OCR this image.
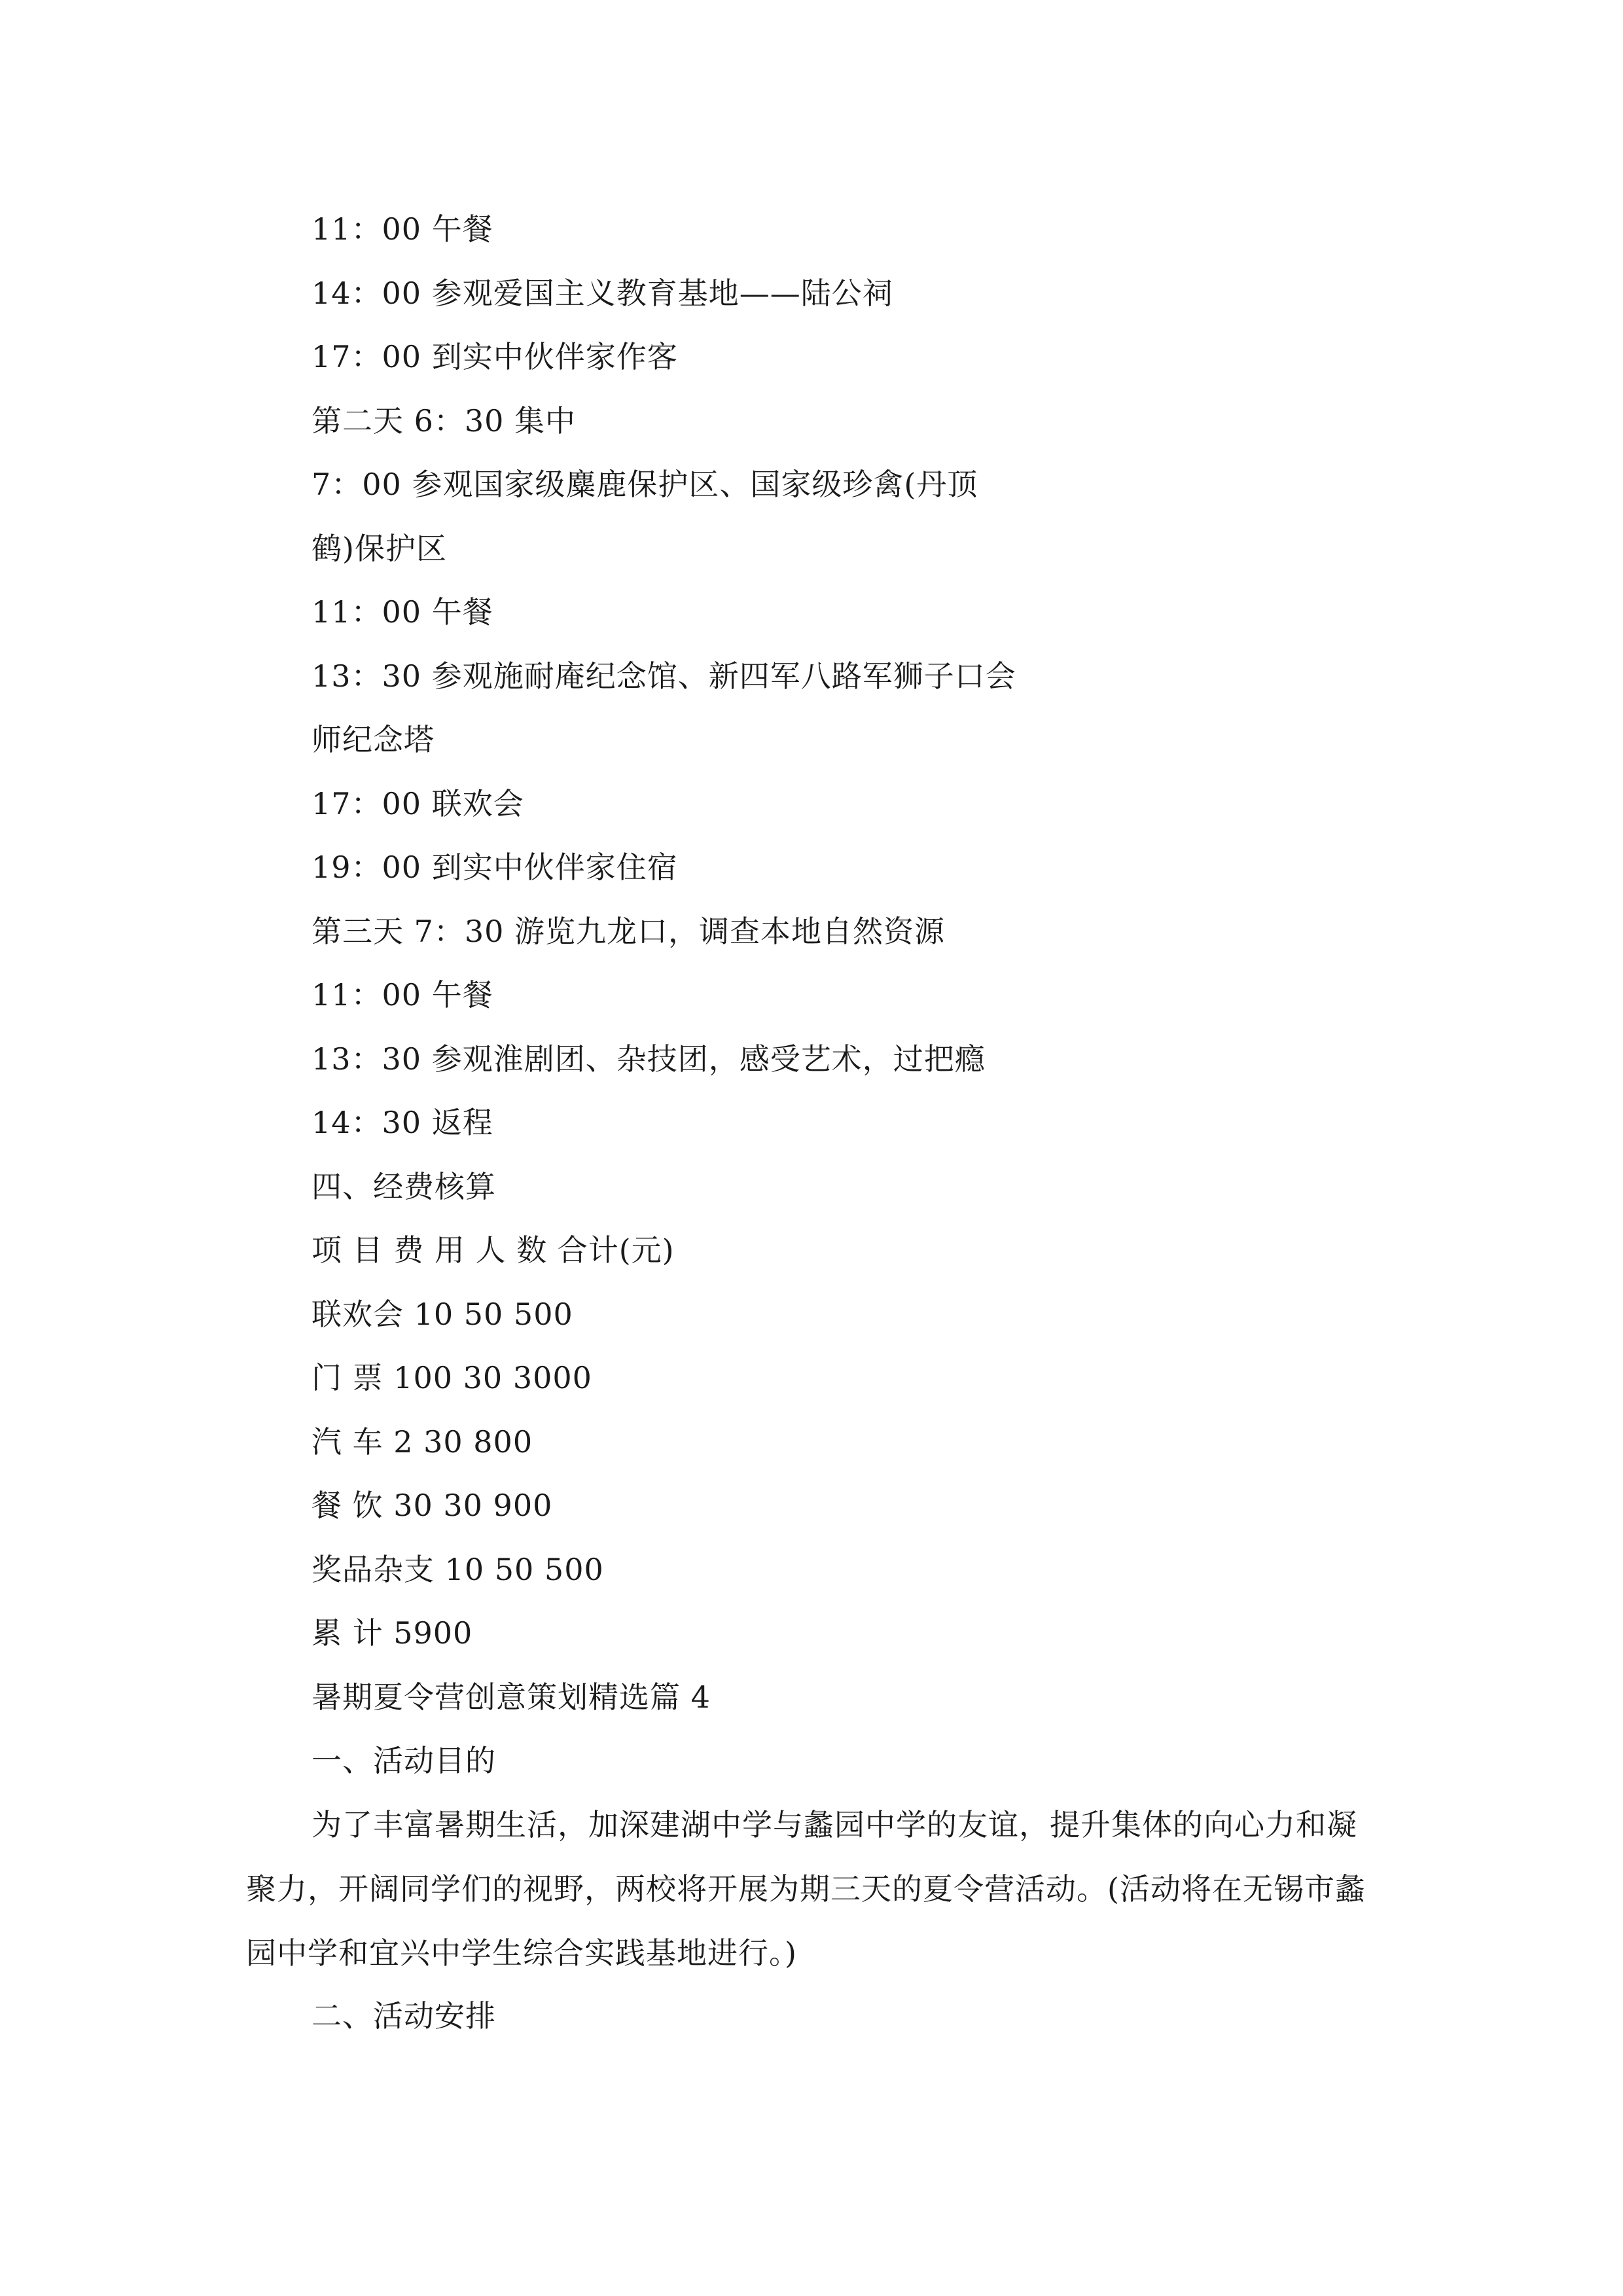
11：00 午餐
14：00 参观爱国主义教育基地——陆公祠
17：00 到实中伙伴家作客
第二天 6：30 集中
7：00 参观国家级麋鹿保护区、国家级珍禽(丹顶
鹤)保护区
11：00 午餐
13：30 参观施耐庵纪念馆、新四军八路军狮子口会
师纪念塔
17：00 联欢会
19：00 到实中伙伴家住宿
第三天 7：30 游览九龙口，调查本地自然资源
11：00 午餐
13：30 参观淮剧团、杂技团，感受艺术，过把瘾
14：30 返程
四、经费核算
项 目 费 用 人 数 合计(元)
联欢会 10 50 500
门 票 100 30 3000
汽 车 2 30 800
餐 饮 30 30 900
奖品杂支 10 50 500
累 计 5900
暑期夏令营创意策划精选篇 4
一、活动目的

为了丰富暑期生活，加深建湖中学与蠡园中学的友谊，提升集体的向心力和凝聚力，开阔同学们的视野，两校将开展为期三天的夏令营活动。(活动将在无锡市蠡园中学和宜兴中学生综合实践基地进行。)

二、活动安排
